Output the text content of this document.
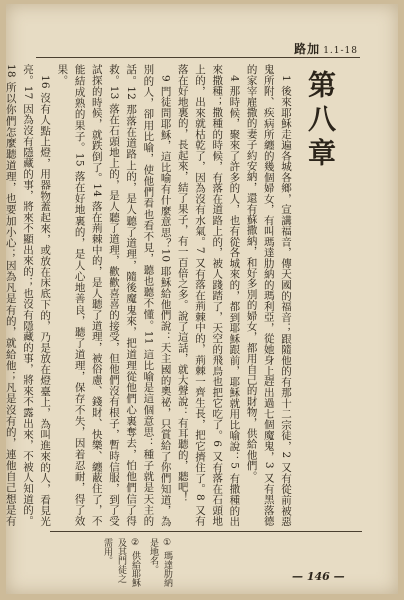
路加 1.1-18
第八章

1 後來耶穌走遍各城各鄉，宣講福音，傳天國的福音；跟隨他的有那十二宗徒，2 又有從前被惡鬼所附、疾病所纏的幾個婦女，有叫瑪達肋納的瑪利亞，從她身上趕出過七個魔鬼，3 又有黑落德的家宰雇撒的妻子約安納，還有蘇撒納，和好多別的婦女，都用自己的財物，供給他們。

4 那時候，聚來了許多的人，也有從各城來的，都到耶穌跟前，耶穌就用比喻說：5 有撒種的出來撒種；撒種的時候，有落在道路上的，被人踐踏了，天空的飛鳥也把它吃了。6 又有落在石頭地上的，出來就枯乾了，因為沒有水氣。7 又有落在荊棘中的，荊棘一齊生長，把它擠住了。8 又有落在好地裏的，長起來，結了果子，有一百倍之多。說了這話，就大聲說：有耳聽的，聽吧！

9 門徒問耶穌，這比喻有什麼意思？10 耶穌給他們說：天主國的奧祕，只賞給了你們知道，為別的人，卻用比喻，使他們看也看不見，聽也聽不懂。11 這比喻是這個意思：種子就是天主的話。12 那落在道路上的，是人聽了道理，隨後魔鬼來，把道理從他們心裏奪去，怕他們信了得救。13 落在石頭地上的，是人聽了道理，歡歡喜喜的接受，但他們沒有根子，暫時信服，到了受試探的時候，就跌倒了。14 落在荊棘中的，是人聽了道理，被俗慮、錢財、快樂、纏蔽住了，不能結成熟的果子。15 落在好地裏的，是人心地善良，聽了道理，保存不失，因着忍耐，得了效果。

16 沒有人點上燈，用器物蓋起來，或放在床底下的，乃是放在燈臺上，為叫進來的人，看見光亮。17 因為沒有隱藏的事，將來不顯出來的；也沒有隱藏的事，將來不露出來，不被人知道的。18 所以你們怎麼聽道理，也要加小心；因為凡是有的，就給他；凡是沒有的，連他自己想是有

① 瑪達肋納是地名。
② 供給耶穌及其門徒之需用。
— 146 —
